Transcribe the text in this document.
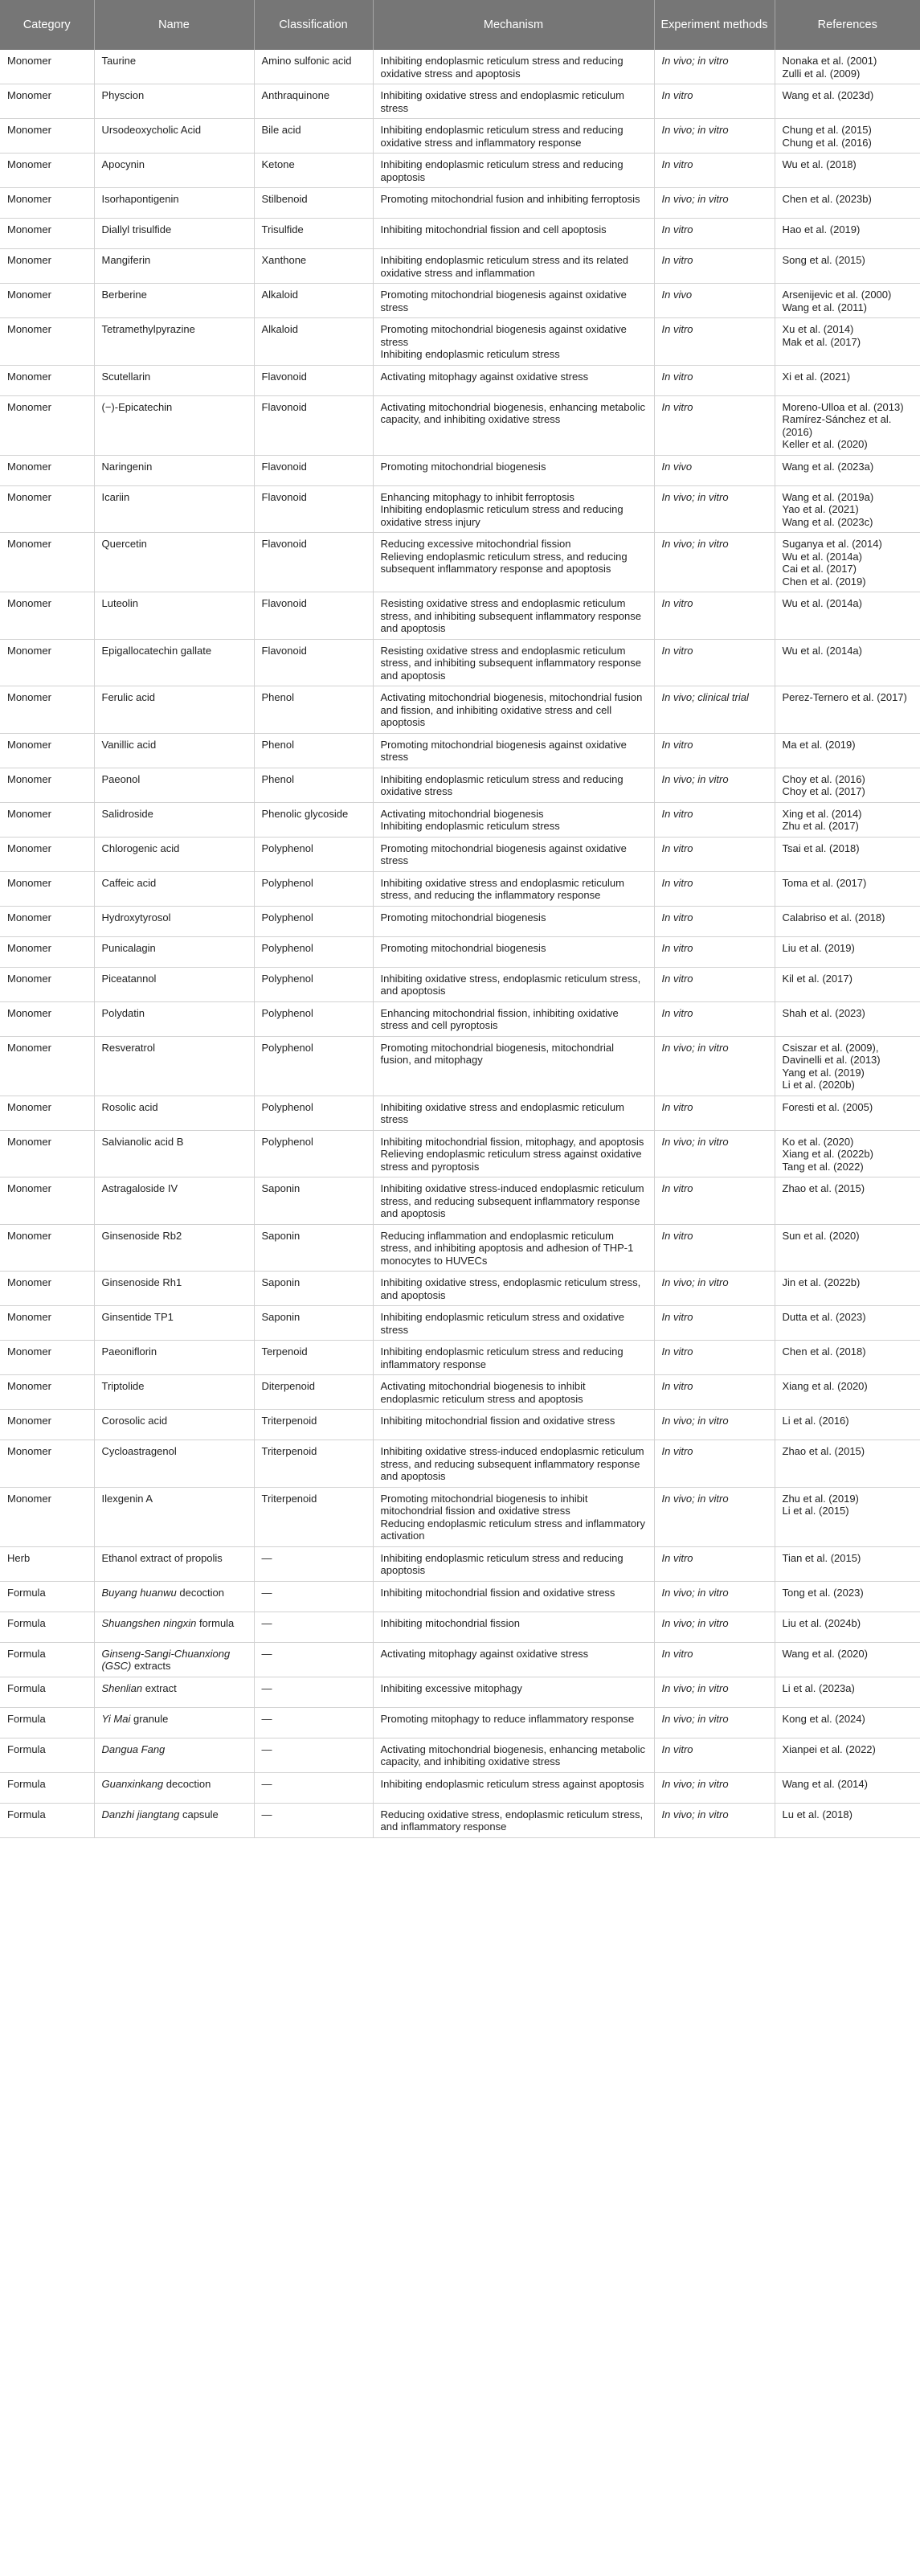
Category	Name	Classification	Mechanism	Experiment methods	References
Monomer	Taurine	Amino sulfonic acid	Inhibiting endoplasmic reticulum stress and reducing oxidative stress and apoptosis	In vivo; in vitro	Nonaka et al. (2001)
Zulli et al. (2009)

Monomer	Physcion	Anthraquinone	Inhibiting oxidative stress and endoplasmic reticulum stress	In vitro	Wang et al. (2023d)

Monomer	Ursodeoxycholic Acid	Bile acid	Inhibiting endoplasmic reticulum stress and reducing oxidative stress and inflammatory response	In vivo; in vitro	Chung et al. (2015)
Chung et al. (2016)

Monomer	Apocynin	Ketone	Inhibiting endoplasmic reticulum stress and reducing apoptosis	In vitro	Wu et al. (2018)

Monomer	Isorhapontigenin	Stilbenoid	Promoting mitochondrial fusion and inhibiting ferroptosis	In vivo; in vitro	Chen et al. (2023b)

Monomer	Diallyl trisulfide	Trisulfide	Inhibiting mitochondrial fission and cell apoptosis	In vitro	Hao et al. (2019)

Monomer	Mangiferin	Xanthone	Inhibiting endoplasmic reticulum stress and its related oxidative stress and inflammation	In vitro	Song et al. (2015)

Monomer	Berberine	Alkaloid	Promoting mitochondrial biogenesis against oxidative stress	In vivo	Arsenijevic et al. (2000)
Wang et al. (2011)

Monomer	Tetramethylpyrazine	Alkaloid	Promoting mitochondrial biogenesis against oxidative stress
Inhibiting endoplasmic reticulum stress	In vitro	Xu et al. (2014)
Mak et al. (2017)

Monomer	Scutellarin	Flavonoid	Activating mitophagy against oxidative stress	In vitro	Xi et al. (2021)

Monomer	(−)-Epicatechin	Flavonoid	Activating mitochondrial biogenesis, enhancing metabolic capacity, and inhibiting oxidative stress	In vitro	Moreno-Ulloa et al. (2013)
Ramírez-Sánchez et al. (2016)
Keller et al. (2020)

Monomer	Naringenin	Flavonoid	Promoting mitochondrial biogenesis	In vivo	Wang et al. (2023a)

Monomer	Icariin	Flavonoid	Enhancing mitophagy to inhibit ferroptosis
Inhibiting endoplasmic reticulum stress and reducing oxidative stress injury	In vivo; in vitro	Wang et al. (2019a)
Yao et al. (2021)
Wang et al. (2023c)

Monomer	Quercetin	Flavonoid	Reducing excessive mitochondrial fission
Relieving endoplasmic reticulum stress, and reducing subsequent inflammatory response and apoptosis	In vivo; in vitro	Suganya et al. (2014)
Wu et al. (2014a)
Cai et al. (2017)
Chen et al. (2019)

Monomer	Luteolin	Flavonoid	Resisting oxidative stress and endoplasmic reticulum stress, and inhibiting subsequent inflammatory response and apoptosis	In vitro	Wu et al. (2014a)

Monomer	Epigallocatechin gallate	Flavonoid	Resisting oxidative stress and endoplasmic reticulum stress, and inhibiting subsequent inflammatory response and apoptosis	In vitro	Wu et al. (2014a)

Monomer	Ferulic acid	Phenol	Activating mitochondrial biogenesis, mitochondrial fusion and fission, and inhibiting oxidative stress and cell apoptosis	In vivo; clinical trial	Perez-Ternero et al. (2017)

Monomer	Vanillic acid	Phenol	Promoting mitochondrial biogenesis against oxidative stress	In vitro	Ma et al. (2019)

Monomer	Paeonol	Phenol	Inhibiting endoplasmic reticulum stress and reducing oxidative stress	In vivo; in vitro	Choy et al. (2016)
Choy et al. (2017)

Monomer	Salidroside	Phenolic glycoside	Activating mitochondrial biogenesis
Inhibiting endoplasmic reticulum stress	In vitro	Xing et al. (2014)
Zhu et al. (2017)

Monomer	Chlorogenic acid	Polyphenol	Promoting mitochondrial biogenesis against oxidative stress	In vitro	Tsai et al. (2018)

Monomer	Caffeic acid	Polyphenol	Inhibiting oxidative stress and endoplasmic reticulum stress, and reducing the inflammatory response	In vitro	Toma et al. (2017)

Monomer	Hydroxytyrosol	Polyphenol	Promoting mitochondrial biogenesis	In vitro	Calabriso et al. (2018)

Monomer	Punicalagin	Polyphenol	Promoting mitochondrial biogenesis	In vitro	Liu et al. (2019)

Monomer	Piceatannol	Polyphenol	Inhibiting oxidative stress, endoplasmic reticulum stress, and apoptosis	In vitro	Kil et al. (2017)

Monomer	Polydatin	Polyphenol	Enhancing mitochondrial fission, inhibiting oxidative stress and cell pyroptosis	In vitro	Shah et al. (2023)

Monomer	Resveratrol	Polyphenol	Promoting mitochondrial biogenesis, mitochondrial fusion, and mitophagy	In vivo; in vitro	Csiszar et al. (2009),
Davinelli et al. (2013)
Yang et al. (2019)
Li et al. (2020b)

Monomer	Rosolic acid	Polyphenol	Inhibiting oxidative stress and endoplasmic reticulum stress	In vitro	Foresti et al. (2005)

Monomer	Salvianolic acid B	Polyphenol	Inhibiting mitochondrial fission, mitophagy, and apoptosis
Relieving endoplasmic reticulum stress against oxidative stress and pyroptosis	In vivo; in vitro	Ko et al. (2020)
Xiang et al. (2022b)
Tang et al. (2022)

Monomer	Astragaloside IV	Saponin	Inhibiting oxidative stress-induced endoplasmic reticulum stress, and reducing subsequent inflammatory response and apoptosis	In vitro	Zhao et al. (2015)

Monomer	Ginsenoside Rb2	Saponin	Reducing inflammation and endoplasmic reticulum stress, and inhibiting apoptosis and adhesion of THP-1 monocytes to HUVECs	In vitro	Sun et al. (2020)

Monomer	Ginsenoside Rh1	Saponin	Inhibiting oxidative stress, endoplasmic reticulum stress, and apoptosis	In vivo; in vitro	Jin et al. (2022b)

Monomer	Ginsentide TP1	Saponin	Inhibiting endoplasmic reticulum stress and oxidative stress	In vitro	Dutta et al. (2023)

Monomer	Paeoniflorin	Terpenoid	Inhibiting endoplasmic reticulum stress and reducing inflammatory response	In vitro	Chen et al. (2018)

Monomer	Triptolide	Diterpenoid	Activating mitochondrial biogenesis to inhibit endoplasmic reticulum stress and apoptosis	In vitro	Xiang et al. (2020)

Monomer	Corosolic acid	Triterpenoid	Inhibiting mitochondrial fission and oxidative stress	In vivo; in vitro	Li et al. (2016)

Monomer	Cycloastragenol	Triterpenoid	Inhibiting oxidative stress-induced endoplasmic reticulum stress, and reducing subsequent inflammatory response and apoptosis	In vitro	Zhao et al. (2015)

Monomer	Ilexgenin A	Triterpenoid	Promoting mitochondrial biogenesis to inhibit mitochondrial fission and oxidative stress
Reducing endoplasmic reticulum stress and inflammatory activation	In vivo; in vitro	Zhu et al. (2019)
Li et al. (2015)

Herb	Ethanol extract of propolis	—	Inhibiting endoplasmic reticulum stress and reducing apoptosis	In vitro	Tian et al. (2015)

Formula	Buyang huanwu decoction	—	Inhibiting mitochondrial fission and oxidative stress	In vivo; in vitro	Tong et al. (2023)

Formula	Shuangshen ningxin formula	—	Inhibiting mitochondrial fission	In vivo; in vitro	Liu et al. (2024b)

Formula	Ginseng-Sangi-Chuanxiong (GSC) extracts	—	Activating mitophagy against oxidative stress	In vitro	Wang et al. (2020)

Formula	Shenlian extract	—	Inhibiting excessive mitophagy	In vivo; in vitro	Li et al. (2023a)

Formula	Yi Mai granule	—	Promoting mitophagy to reduce inflammatory response	In vivo; in vitro	Kong et al. (2024)

Formula	Dangua Fang	—	Activating mitochondrial biogenesis, enhancing metabolic capacity, and inhibiting oxidative stress	In vitro	Xianpei et al. (2022)

Formula	Guanxinkang decoction	—	Inhibiting endoplasmic reticulum stress against apoptosis	In vivo; in vitro	Wang et al. (2014)

Formula	Danzhi jiangtang capsule	—	Reducing oxidative stress, endoplasmic reticulum stress, and inflammatory response	In vivo; in vitro	Lu et al. (2018)
